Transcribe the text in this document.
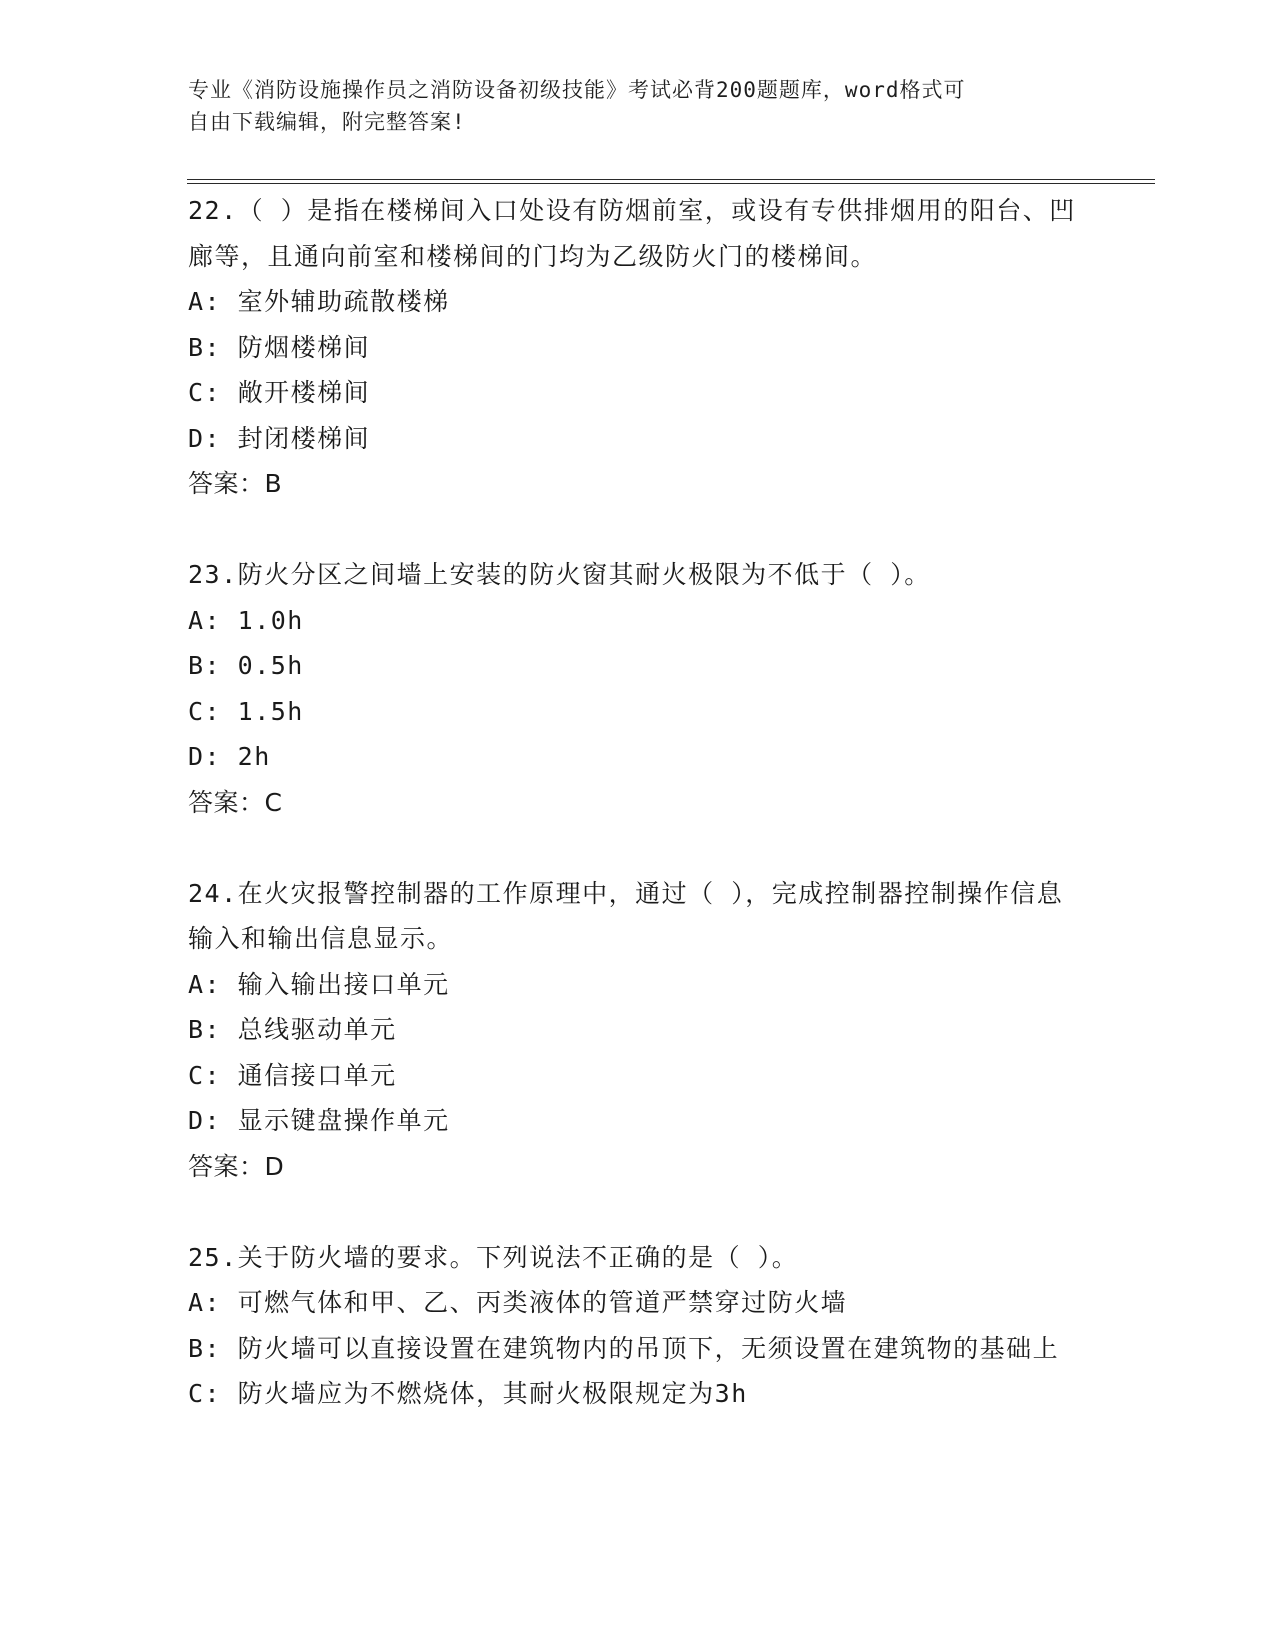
专业《消防设施操作员之消防设备初级技能》考试必背200题题库，word格式可
自由下载编辑，附完整答案!

22.（ ）是指在楼梯间入口处设有防烟前室，或设有专供排烟用的阳台、凹廊等，且通向前室和楼梯间的门均为乙级防火门的楼梯间。

A: 室外辅助疏散楼梯

B: 防烟楼梯间

C: 敞开楼梯间

D: 封闭楼梯间

答案：B

23.防火分区之间墙上安装的防火窗其耐火极限为不低于（ ）。

A: 1.0h

B: 0.5h

C: 1.5h

D: 2h

答案：C

24.在火灾报警控制器的工作原理中，通过（ ），完成控制器控制操作信息输入和输出信息显示。

A: 输入输出接口单元

B: 总线驱动单元

C: 通信接口单元

D: 显示键盘操作单元

答案：D

25.关于防火墙的要求。下列说法不正确的是（ ）。

A: 可燃气体和甲、乙、丙类液体的管道严禁穿过防火墙

B: 防火墙可以直接设置在建筑物内的吊顶下，无须设置在建筑物的基础上

C: 防火墙应为不燃烧体，其耐火极限规定为3h
